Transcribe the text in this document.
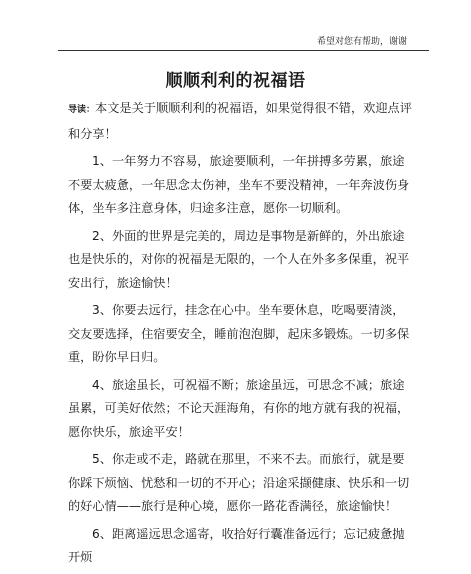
希望对您有帮助，谢谢
顺顺利利的祝福语

导读：本文是关于顺顺利利的祝福语，如果觉得很不错，欢迎点评和分享！

1、一年努力不容易，旅途要顺利，一年拼搏多劳累，旅途不要太疲惫，一年思念太伤神，坐车不要没精神，一年奔波伤身体，坐车多注意身体，归途多注意，愿你一切顺利。

2、外面的世界是完美的，周边是事物是新鲜的，外出旅途也是快乐的，对你的祝福是无限的，一个人在外多多保重，祝平安出行，旅途愉快！

3、你要去远行，挂念在心中。坐车要休息，吃喝要清淡，交友要选择，住宿要安全，睡前泡泡脚，起床多锻炼。一切多保重，盼你早日归。

4、旅途虽长，可祝福不断；旅途虽远，可思念不减；旅途虽累，可美好依然；不论天涯海角，有你的地方就有我的祝福，愿你快乐，旅途平安！

5、你走或不走，路就在那里，不来不去。而旅行，就是要你踩下烦恼、忧愁和一切的不开心；沿途采撷健康、快乐和一切的好心情——旅行是种心境，愿你一路花香满径，旅途愉快！

6、距离遥远思念遥寄，收拾好行囊准备远行；忘记疲惫抛开烦
